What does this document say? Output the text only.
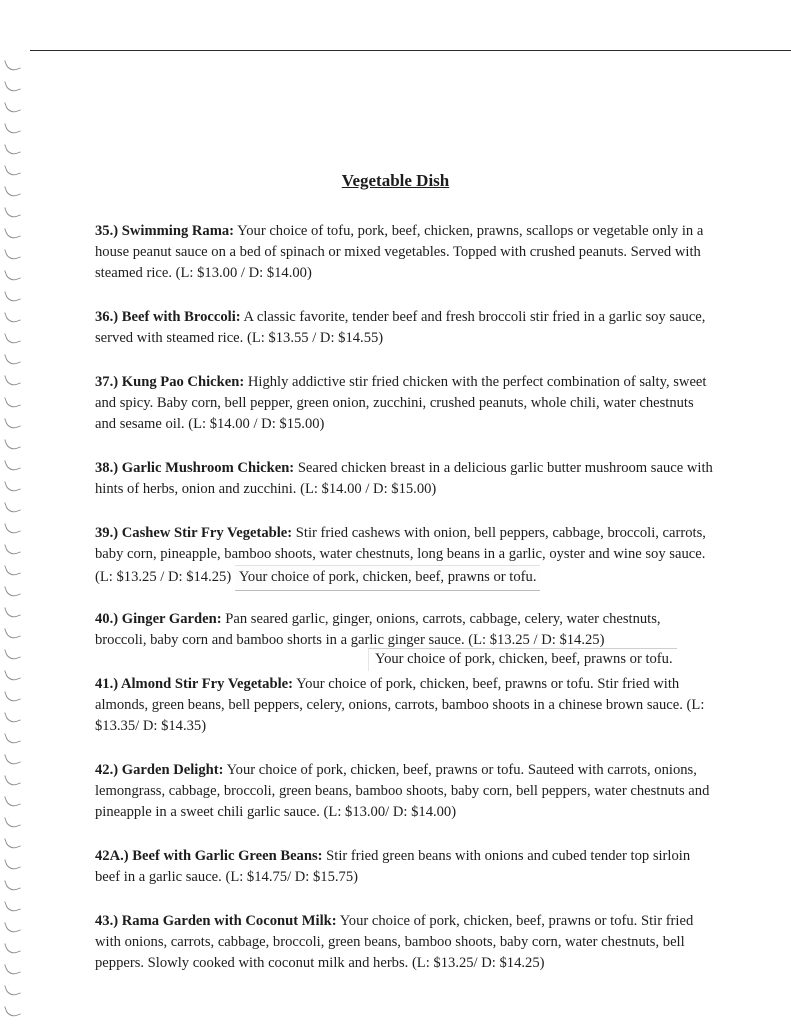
Vegetable Dish
35.) Swimming Rama: Your choice of tofu, pork, beef, chicken, prawns, scallops or vegetable only in a house peanut sauce on a bed of spinach or mixed vegetables. Topped with crushed peanuts. Served with steamed rice. (L: $13.00 / D: $14.00)
36.) Beef with Broccoli: A classic favorite, tender beef and fresh broccoli stir fried in a garlic soy sauce, served with steamed rice. (L: $13.55 / D: $14.55)
37.) Kung Pao Chicken: Highly addictive stir fried chicken with the perfect combination of salty, sweet and spicy. Baby corn, bell pepper, green onion, zucchini, crushed peanuts, whole chili, water chestnuts and sesame oil. (L: $14.00 / D: $15.00)
38.) Garlic Mushroom Chicken: Seared chicken breast in a delicious garlic butter mushroom sauce with hints of herbs, onion and zucchini. (L: $14.00 / D: $15.00)
39.) Cashew Stir Fry Vegetable: Stir fried cashews with onion, bell peppers, cabbage, broccoli, carrots, baby corn, pineapple, bamboo shoots, water chestnuts, long beans in a garlic, oyster and wine soy sauce. (L: $13.25 / D: $14.25) Your choice of pork, chicken, beef, prawns or tofu.
40.) Ginger Garden: Pan seared garlic, ginger, onions, carrots, cabbage, celery, water chestnuts, broccoli, baby corn and bamboo shorts in a garlic ginger sauce. (L: $13.25 / D: $14.25)
Your choice of pork, chicken, beef, prawns or tofu.
41.) Almond Stir Fry Vegetable: Your choice of pork, chicken, beef, prawns or tofu. Stir fried with almonds, green beans, bell peppers, celery, onions, carrots, bamboo shoots in a chinese brown sauce. (L: $13.35/ D: $14.35)
42.) Garden Delight: Your choice of pork, chicken, beef, prawns or tofu. Sauteed with carrots, onions, lemongrass, cabbage, broccoli, green beans, bamboo shoots, baby corn, bell peppers, water chestnuts and pineapple in a sweet chili garlic sauce. (L: $13.00/ D: $14.00)
42A.) Beef with Garlic Green Beans: Stir fried green beans with onions and cubed tender top sirloin beef in a garlic sauce. (L: $14.75/ D: $15.75)
43.) Rama Garden with Coconut Milk: Your choice of pork, chicken, beef, prawns or tofu. Stir fried with onions, carrots, cabbage, broccoli, green beans, bamboo shoots, baby corn, water chestnuts, bell peppers. Slowly cooked with coconut milk and herbs. (L: $13.25/ D: $14.25)
